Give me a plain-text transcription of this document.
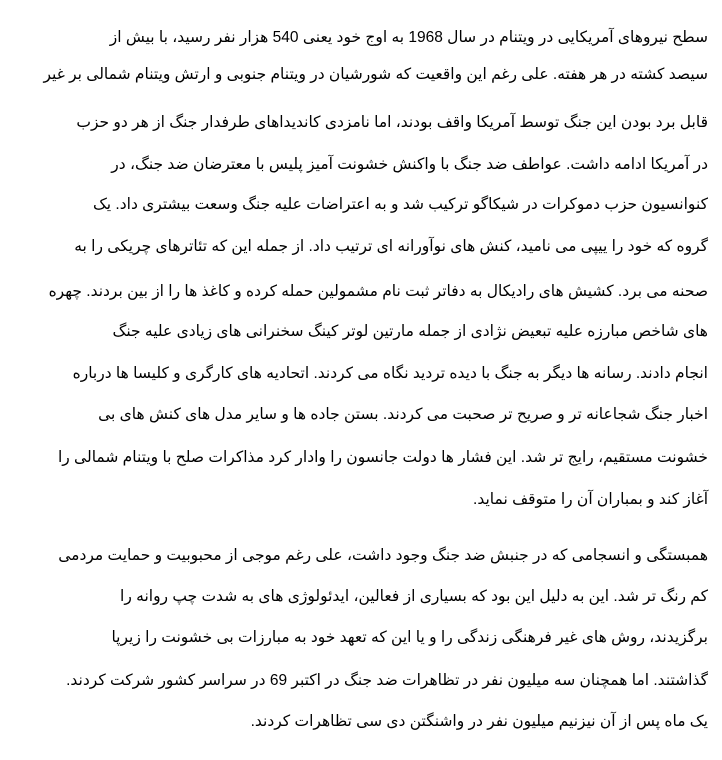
سطح نیروهای آمریکایی در ویتنام در سال 1968 به اوج خود یعنی 540 هزار نفر رسید، با بیش از
سیصد کشته در هر هفته. علی رغم این واقعیت که شورشیان در ویتنام جنوبی و ارتش ویتنام شمالی بر غیر
قابل برد بودن این جنگ توسط آمریکا واقف بودند، اما نامزدی کاندیداهای طرفدار جنگ از هر دو حزب
در آمریکا ادامه داشت. عواطف ضد جنگ با واکنش خشونت آمیز پلیس با معترضان ضد جنگ، در
کنوانسیون حزب دموکرات در شیکاگو ترکیب شد و به اعتراضات علیه جنگ وسعت بیشتری داد. یک
گروه که خود را ییپی می نامید، کنش های نوآورانه ای ترتیب داد. از جمله این که تئاترهای چریکی را به
صحنه می برد. کشیش های رادیکال به دفاتر ثبت نام مشمولین حمله کرده و کاغذ ها را از بین بردند. چهره
های شاخص مبارزه علیه تبعیض نژادی از جمله مارتین لوتر کینگ سخنرانی های زیادی علیه جنگ
انجام دادند. رسانه ها دیگر به جنگ با دیده تردید نگاه می کردند. اتحادیه های کارگری و کلیسا ها درباره
اخبار جنگ شجاعانه تر و صریح تر صحبت می کردند. بستن جاده ها و سایر مدل های کنش های بی
خشونت مستقیم، رایج تر شد. این فشار ها دولت جانسون را وادار کرد مذاکرات صلح با ویتنام شمالی را
آغاز کند و بمباران آن را متوقف نماید.
همبستگی و انسجامی که در جنبش ضد جنگ وجود داشت، علی رغم موجی از محبوبیت و حمایت مردمی
کم رنگ تر شد. این به دلیل این بود که بسیاری از فعالین، ایدئولوژی های به شدت چپ روانه را
برگزیدند، روش های غیر فرهنگی زندگی را و یا این که تعهد خود به مبارزات بی خشونت را زیرپا
گذاشتند. اما همچنان سه میلیون نفر در تظاهرات ضد جنگ در اکتبر 69 در سراسر کشور شرکت کردند.
یک ماه پس از آن نیزنیم میلیون نفر در واشنگتن دی سی تظاهرات کردند.
